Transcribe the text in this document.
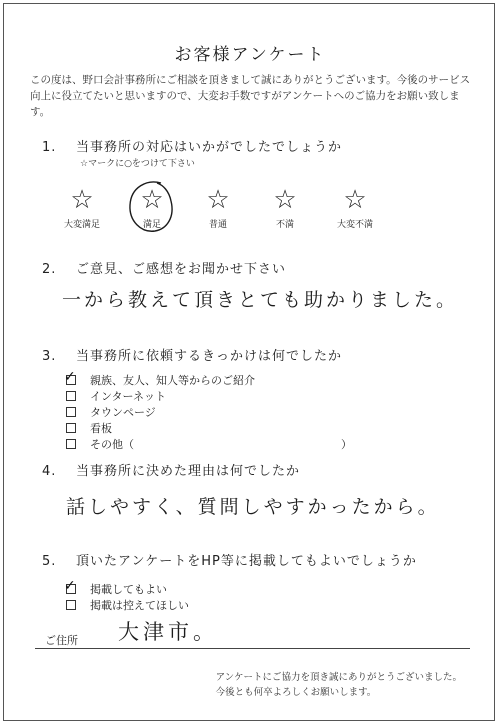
お客様アンケート
この度は、野口会計事務所にご相談を頂きまして誠にありがとうございます。今後のサービス向上に役立てたいと思いますので、大変お手数ですがアンケートへのご協力をお願い致します。
1. 当事務所の対応はいかがでしたでしょうか
☆マークに○をつけて下さい
☆
大変満足
☆
満足
☆
普通
☆
不満
☆
大変不満
2. ご意見、ご感想をお聞かせ下さい
一から教えて頂きとても助かりました。
3. 当事務所に依頼するきっかけは何でしたか
✓ 親族、友人、知人等からのご紹介
インターネット
タウンページ
看板
その他（	）
4. 当事務所に決めた理由は何でしたか
話しやすく、質問しやすかったから。
5. 頂いたアンケートをHP等に掲載してもよいでしょうか
✓ 掲載してもよい
掲載は控えてほしい
ご住所 大津市。
アンケートにご協力を頂き誠にありがとうございました。
今後とも何卒よろしくお願いします。
